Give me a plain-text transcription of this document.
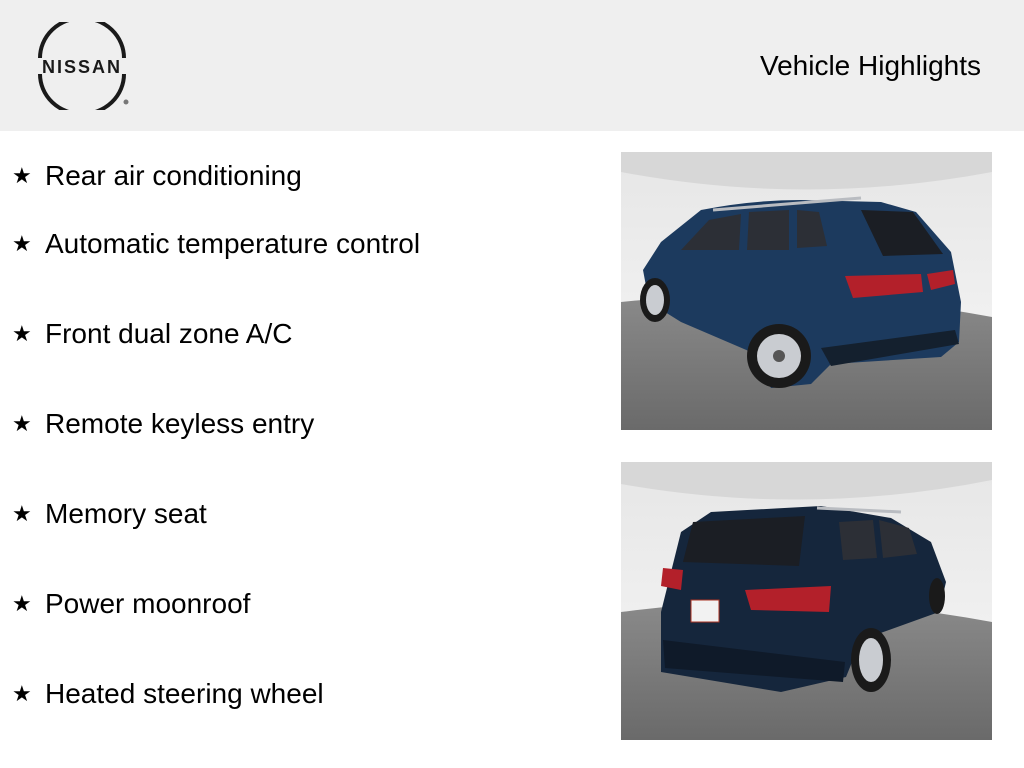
NISSAN	Vehicle Highlights
★ Rear air conditioning
★ Automatic temperature control
★ Front dual zone A/C
★ Remote keyless entry
★ Memory seat
★ Power moonroof
★ Heated steering wheel
